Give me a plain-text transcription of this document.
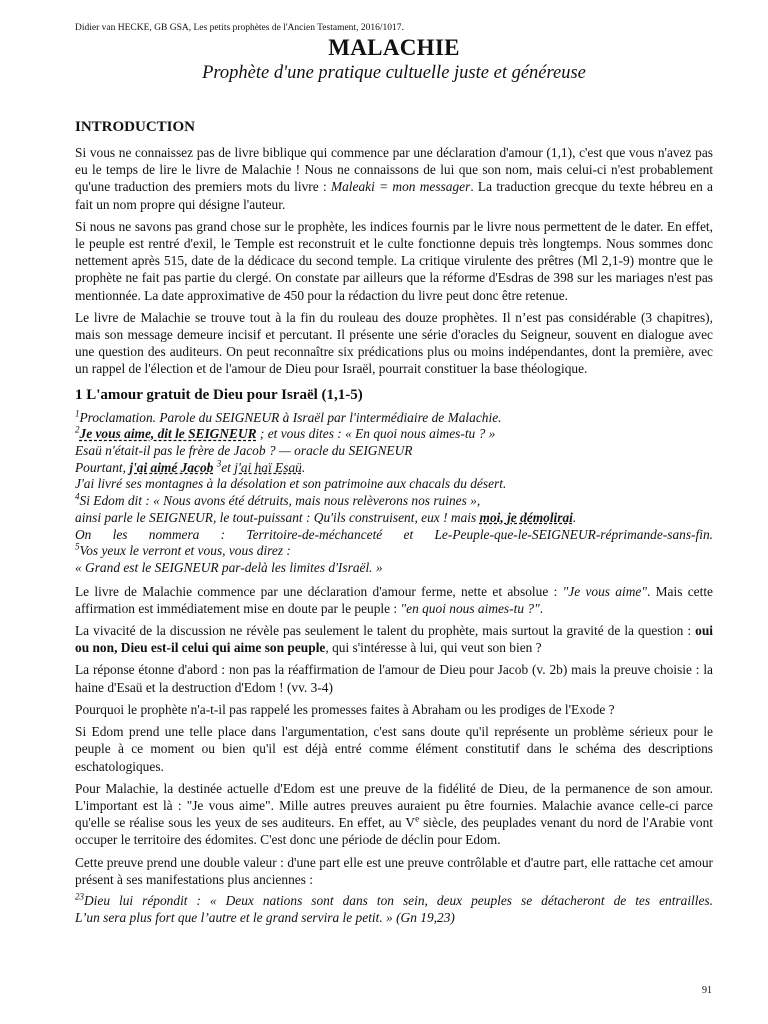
Didier van HECKE, GB GSA, Les petits prophètes de l'Ancien Testament, 2016/1017.

MALACHIE

Prophète d'une pratique cultuelle juste et généreuse

INTRODUCTION

Si vous ne connaissez pas de livre biblique qui commence par une déclaration d'amour (1,1), c'est que vous n'avez pas eu le temps de lire le livre de Malachie ! Nous ne connaissons de lui que son nom, mais celui-ci n'est probablement qu'une traduction des premiers mots du livre : Maleaki = mon messager. La traduction grecque du texte hébreu en a fait un nom propre qui désigne l'auteur.

Si nous ne savons pas grand chose sur le prophète, les indices fournis par le livre nous permettent de le dater. En effet, le peuple est rentré d'exil, le Temple est reconstruit et le culte fonctionne depuis très longtemps. Nous sommes donc nettement après 515, date de la dédicace du second temple. La critique virulente des prêtres (Ml 2,1-9) montre que le prophète ne fait pas partie du clergé. On constate par ailleurs que la réforme d'Esdras de 398 sur les mariages n'est pas mentionnée. La date approximative de 450 pour la rédaction du livre peut donc être retenue.

Le livre de Malachie se trouve tout à la fin du rouleau des douze prophètes. Il n’est pas considérable (3 chapitres), mais son message demeure incisif et percutant. Il présente une série d'oracles du Seigneur, souvent en dialogue avec une question des auditeurs. On peut reconnaître six prédications plus ou moins indépendantes, dont la première, avec un rappel de l'élection et de l'amour de Dieu pour Israël, pourrait constituer la base théologique.

1 L'amour gratuit de Dieu pour Israël (1,1-5)
$^1$Proclamation. Parole du SEIGNEUR à Israël par l'intermédiaire de Malachie.
$^2$Je vous aime, dit le SEIGNEUR ; et vous dites : « En quoi nous aimes-tu ? »
Esaü n'était-il pas le frère de Jacob ? — oracle du SEIGNEUR
Pourtant, j'ai aimé Jacob $^3$et j'ai haï Esaü.
J'ai livré ses montagnes à la désolation et son patrimoine aux chacals du désert.
$^4$Si Edom dit : « Nous avons été détruits, mais nous relèverons nos ruines »,
ainsi parle le SEIGNEUR, le tout-puissant : Qu'ils construisent, eux ! mais moi, je démolirai.
On les nommera : Territoire-de-méchanceté et Le-Peuple-que-le-SEIGNEUR-réprimande-sans-fin.
$^5$Vos yeux le verront et vous, vous direz :
« Grand est le SEIGNEUR par-delà les limites d'Israël. »

Le livre de Malachie commence par une déclaration d'amour ferme, nette et absolue : "Je vous aime". Mais cette affirmation est immédiatement mise en doute par le peuple : "en quoi nous aimes-tu ?".

La vivacité de la discussion ne révèle pas seulement le talent du prophète, mais surtout la gravité de la question : oui ou non, Dieu est-il celui qui aime son peuple, qui s'intéresse à lui, qui veut son bien ?

La réponse étonne d'abord : non pas la réaffirmation de l'amour de Dieu pour Jacob (v. 2b) mais la preuve choisie : la haine d'Esaü et la destruction d'Edom ! (vv. 3-4)

Pourquoi le prophète n'a-t-il pas rappelé les promesses faites à Abraham ou les prodiges de l'Exode ?

Si Edom prend une telle place dans l'argumentation, c'est sans doute qu'il représente un problème sérieux pour le peuple à ce moment ou bien qu'il est déjà entré comme élément constitutif dans le schéma des descriptions eschatologiques.

Pour Malachie, la destinée actuelle d'Edom est une preuve de la fidélité de Dieu, de la permanence de son amour. L'important est là : "Je vous aime". Mille autres preuves auraient pu être fournies. Malachie avance celle-ci parce qu'elle se réalise sous les yeux de ses auditeurs. En effet, au Ve siècle, des peuplades venant du nord de l'Arabie vont occuper le territoire des édomites. C'est donc une période de déclin pour Edom.

Cette preuve prend une double valeur : d'une part elle est une preuve contrôlable et d'autre part, elle rattache cet amour présent à ses manifestations plus anciennes :

$^{23}$Dieu lui répondit : « Deux nations sont dans ton sein, deux peuples se détacheront de tes entrailles.
L’un sera plus fort que l’autre et le grand servira le petit. » (Gn 19,23)
91
